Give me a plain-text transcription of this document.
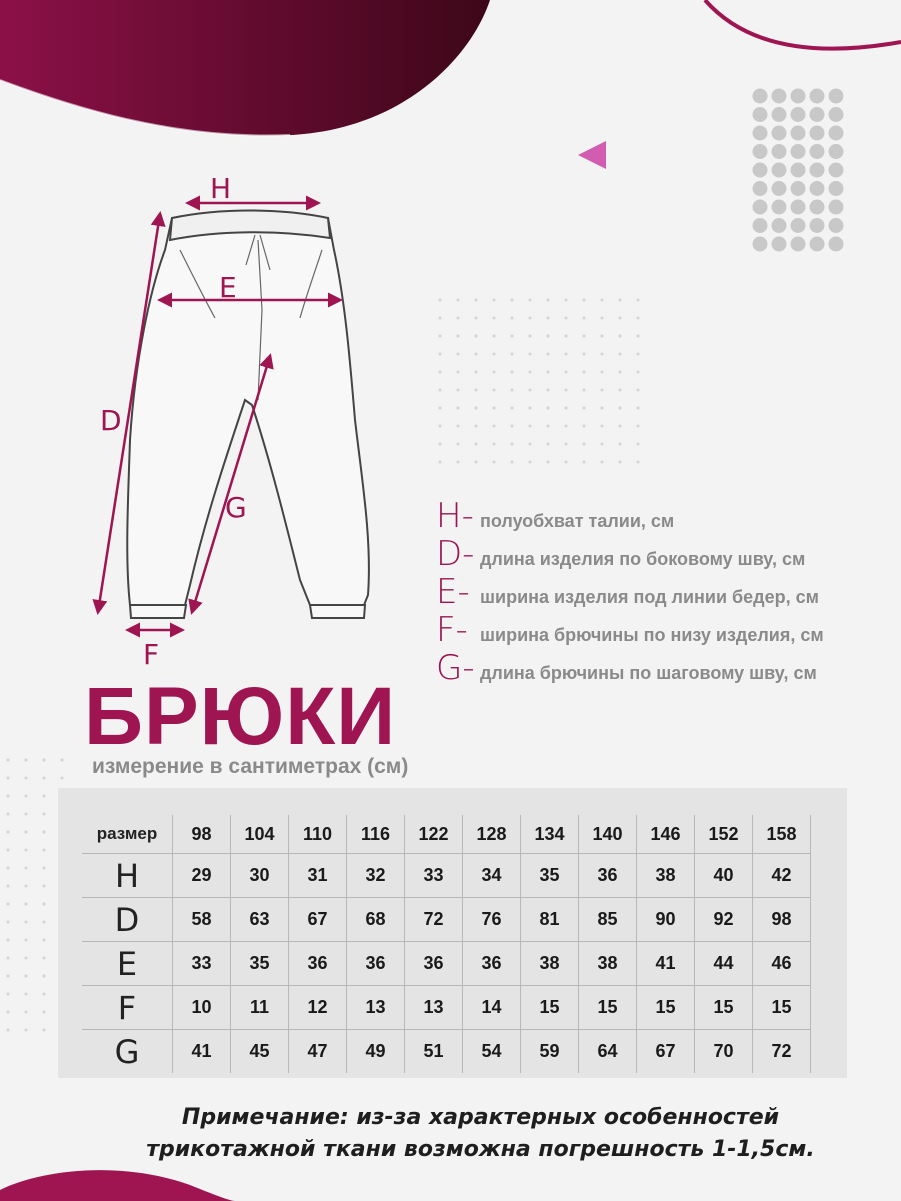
H
E
D
G
F
H- полуобхват талии, см
D- длина изделия по боковому шву, см
E- ширина изделия под линии бедер, см
F- ширина брючины по низу изделия, см
G- длина брючины по шаговому шву, см
БРЮКИ
измерение в сантиметрах (см)
размер	98	104	110	116	122	128	134	140	146	152	158
H	29	30	31	32	33	34	35	36	38	40	42
D	58	63	67	68	72	76	81	85	90	92	98
E	33	35	36	36	36	36	38	38	41	44	46
F	10	11	12	13	13	14	15	15	15	15	15
G	41	45	47	49	51	54	59	64	67	70	72
Примечание: из-за характерных особенностей
трикотажной ткани возможна погрешность 1-1,5см.
